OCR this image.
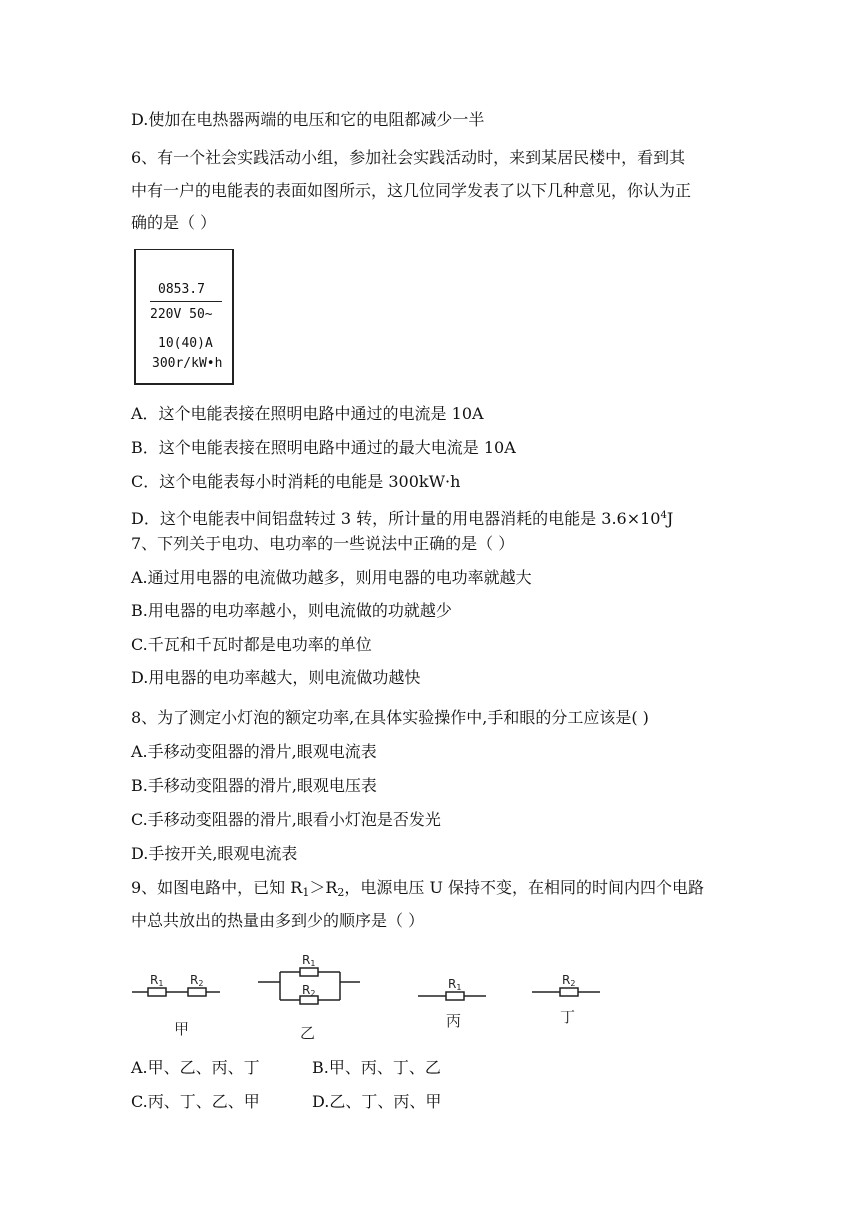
D.使加在电热器两端的电压和它的电阻都减少一半
6、有一个社会实践活动小组，参加社会实践活动时，来到某居民楼中，看到其
中有一户的电能表的表面如图所示，这几位同学发表了以下几种意见，你认为正
确的是（ ）
0853.7
220V 50~
10(40)A
300r/kW•h
A．这个电能表接在照明电路中通过的电流是 10A
B．这个电能表接在照明电路中通过的最大电流是 10A
C．这个电能表每小时消耗的电能是 300kW·h
D．这个电能表中间铝盘转过 3 转，所计量的用电器消耗的电能是 $3.6\times 10^4J$
7、下列关于电功、电功率的一些说法中正确的是（ ）
A.通过用电器的电流做功越多，则用电器的电功率就越大
B.用电器的电功率越小，则电流做的功就越少
C.千瓦和千瓦时都是电功率的单位
D.用电器的电功率越大，则电流做功越快
8、为了测定小灯泡的额定功率,在具体实验操作中,手和眼的分工应该是( )
A.手移动变阻器的滑片,眼观电流表
B.手移动变阻器的滑片,眼观电压表
C.手移动变阻器的滑片,眼看小灯泡是否发光
D.手按开关,眼观电流表
9、如图电路中，已知 $R_1>R_2$，电源电压 U 保持不变，在相同的时间内四个电路
中总共放出的热量由多到少的顺序是（ ）
R1 R2
R1
R2
R1
R2
甲	乙
丙	丁
A.甲、乙、丙、丁	B.甲、丙、丁、乙
C.丙、丁、乙、甲	D.乙、丁、丙、甲
